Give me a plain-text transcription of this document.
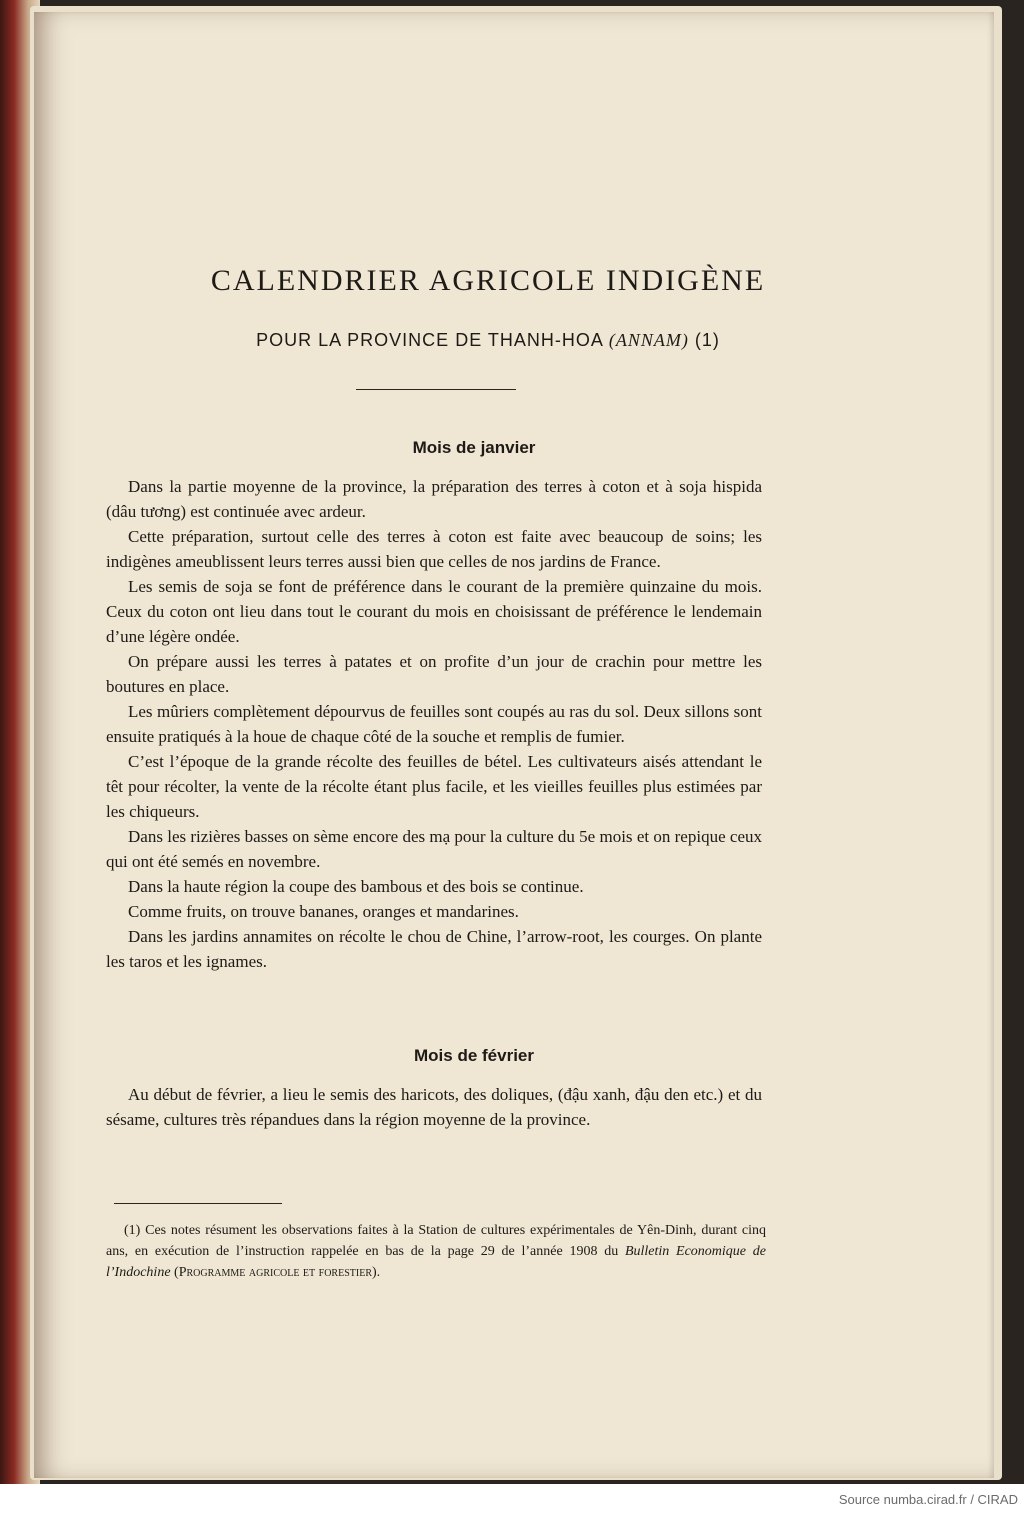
CALENDRIER AGRICOLE INDIGÈNE
POUR LA PROVINCE DE THANH-HOA (ANNAM) (1)
Mois de janvier

Dans la partie moyenne de la province, la préparation des terres à coton et à soja hispida (dâu tương) est continuée avec ardeur.

Cette préparation, surtout celle des terres à coton est faite avec beaucoup de soins; les indigènes ameublissent leurs terres aussi bien que celles de nos jardins de France.

Les semis de soja se font de préférence dans le courant de la première quinzaine du mois. Ceux du coton ont lieu dans tout le courant du mois en choisissant de préférence le lendemain d’une légère ondée.

On prépare aussi les terres à patates et on profite d’un jour de crachin pour mettre les boutures en place.

Les mûriers complètement dépourvus de feuilles sont coupés au ras du sol. Deux sillons sont ensuite pratiqués à la houe de chaque côté de la souche et remplis de fumier.

C’est l’époque de la grande récolte des feuilles de bétel. Les cultivateurs aisés attendant le têt pour récolter, la vente de la récolte étant plus facile, et les vieilles feuilles plus estimées par les chiqueurs.

Dans les rizières basses on sème encore des mạ pour la culture du 5e mois et on repique ceux qui ont été semés en novembre.

Dans la haute région la coupe des bambous et des bois se continue.

Comme fruits, on trouve bananes, oranges et mandarines.

Dans les jardins annamites on récolte le chou de Chine, l’arrow-root, les courges. On plante les taros et les ignames.

Mois de février

Au début de février, a lieu le semis des haricots, des doliques, (đậu xanh, đậu den etc.) et du sésame, cultures très répandues dans la région moyenne de la province.

(1) Ces notes résument les observations faites à la Station de cultures expérimentales de Yên-Dinh, durant cinq ans, en exécution de l’instruction rappelée en bas de la page 29 de l’année 1908 du Bulletin Economique de l’Indochine (Programme agricole et forestier).

Source numba.cirad.fr / CIRAD
